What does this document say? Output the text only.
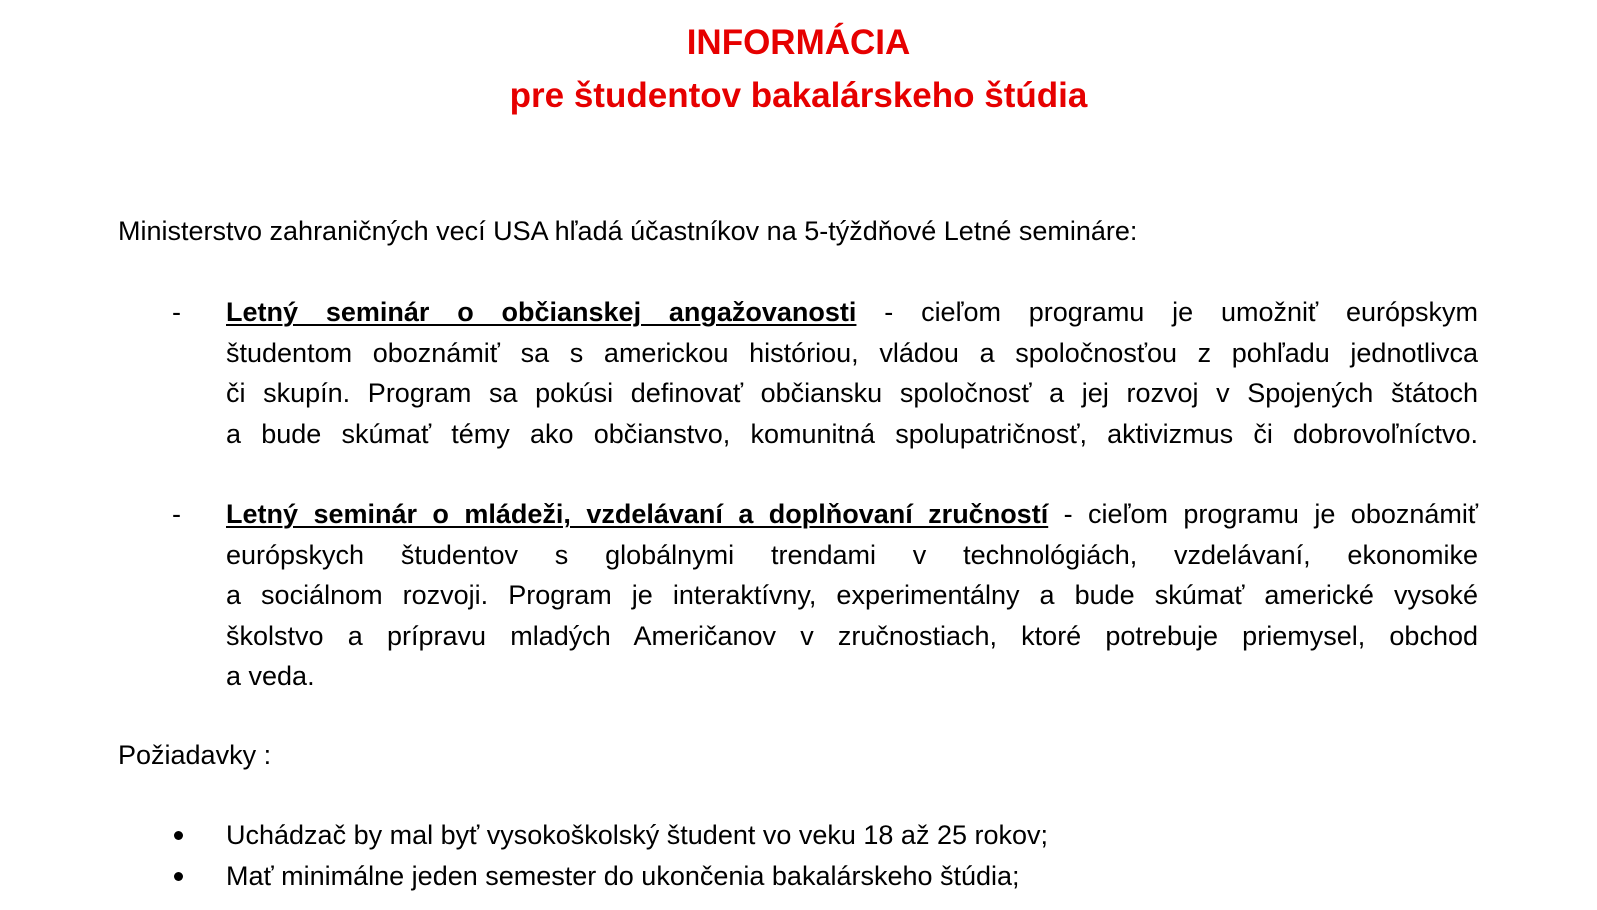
INFORMÁCIA
pre študentov bakalárskeho štúdia
Ministerstvo zahraničných vecí USA hľadá účastníkov na 5-týždňové Letné semináre:
- Letný seminár o občianskej angažovanosti - cieľom programu je umožniť európskym
študentom oboznámiť sa s americkou históriou, vládou a spoločnosťou z pohľadu jednotlivca
či skupín. Program sa pokúsi definovať občiansku spoločnosť a jej rozvoj v Spojených štátoch
a bude skúmať témy ako občianstvo, komunitná spolupatričnosť, aktivizmus či dobrovoľníctvo.
- Letný seminár o mládeži, vzdelávaní a doplňovaní zručností - cieľom programu je oboznámiť
európskych študentov s globálnymi trendami v technológiách, vzdelávaní, ekonomike
a sociálnom rozvoji. Program je interaktívny, experimentálny a bude skúmať americké vysoké
školstvo a prípravu mladých Američanov v zručnostiach, ktoré potrebuje priemysel, obchod
a veda.
Požiadavky :
Uchádzač by mal byť vysokoškolský študent vo veku 18 až 25 rokov;
Mať minimálne jeden semester do ukončenia bakalárskeho štúdia;
